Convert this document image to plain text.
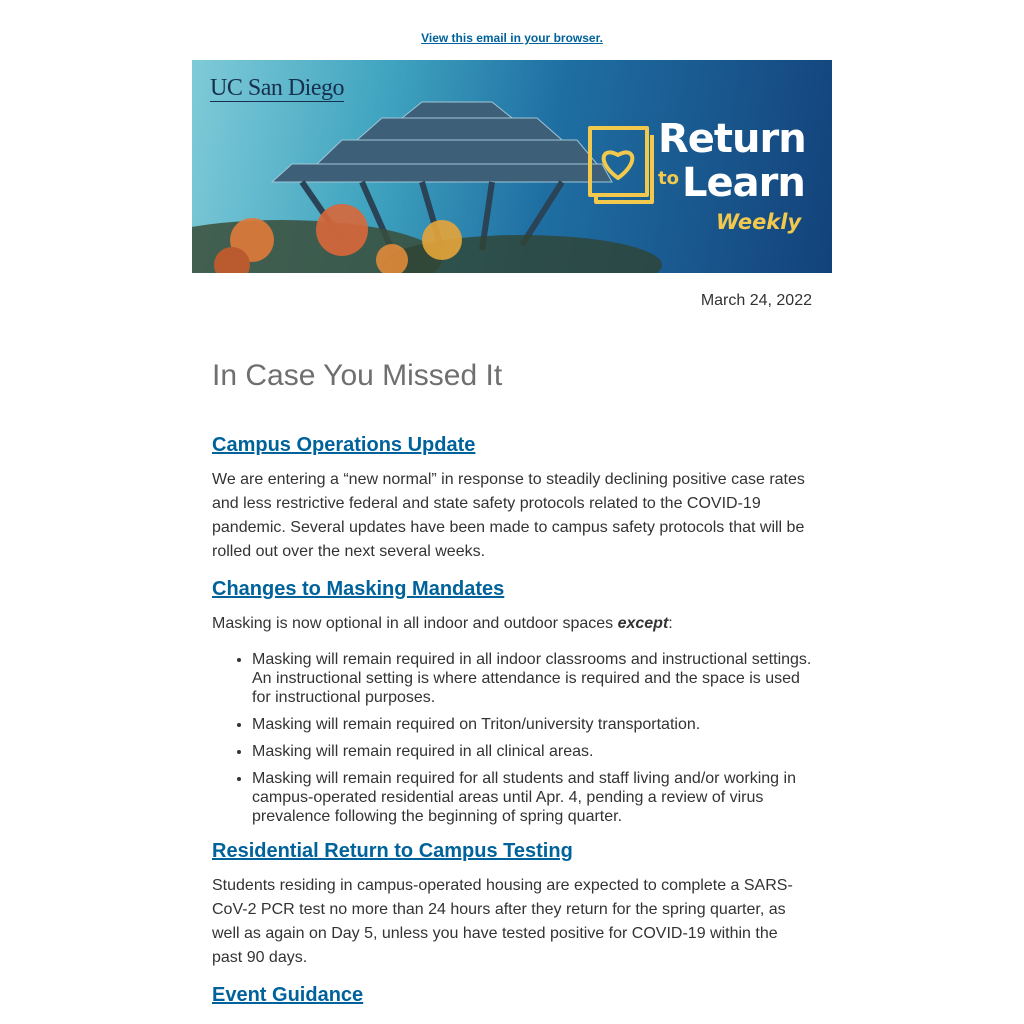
View this email in your browser.
UC San Diego
Return
to Learn
Weekly
March 24, 2022
In Case You Missed It
Campus Operations Update

We are entering a “new normal” in response to steadily declining positive case rates and less restrictive federal and state safety protocols related to the COVID-19 pandemic. Several updates have been made to campus safety protocols that will be rolled out over the next several weeks.

Changes to Masking Mandates

Masking is now optional in all indoor and outdoor spaces except:

• Masking will remain required in all indoor classrooms and instructional settings. An instructional setting is where attendance is required and the space is used for instructional purposes.
• Masking will remain required on Triton/university transportation.
• Masking will remain required in all clinical areas.
• Masking will remain required for all students and staff living and/or working in campus-operated residential areas until Apr. 4, pending a review of virus prevalence following the beginning of spring quarter.
Residential Return to Campus Testing

Students residing in campus-operated housing are expected to complete a SARS-CoV-2 PCR test no more than 24 hours after they return for the spring quarter, as well as again on Day 5, unless you have tested positive for COVID-19 within the past 90 days.

Event Guidance
